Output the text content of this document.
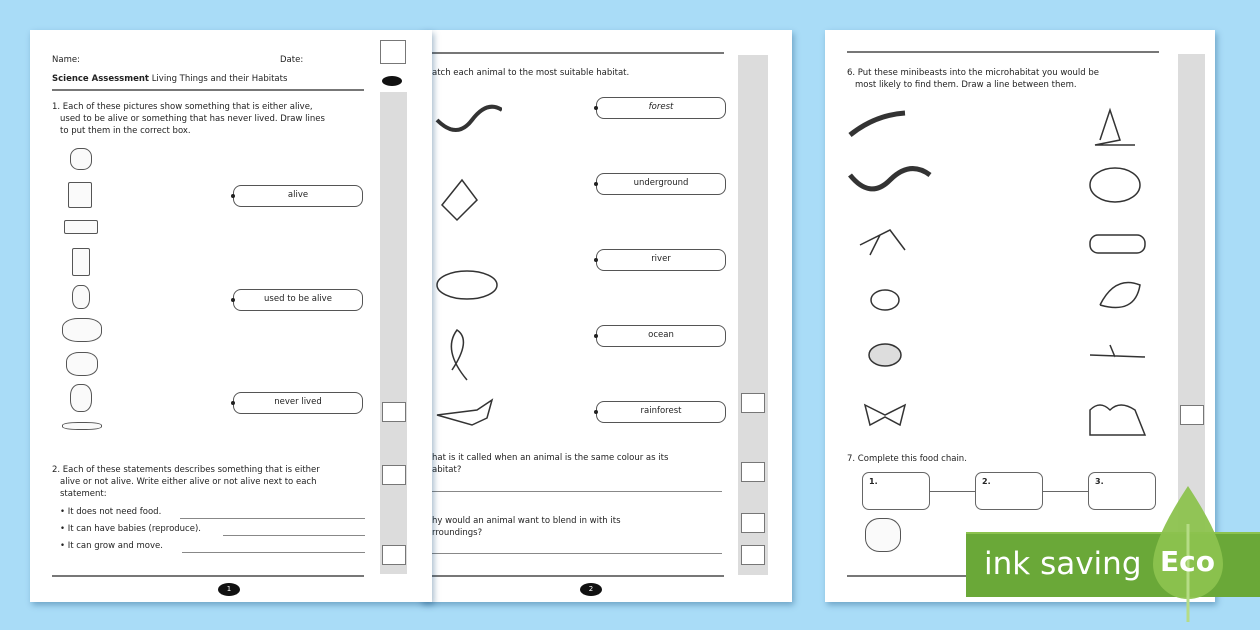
atch each animal to the most suitable habitat.
forest
underground
river
ocean
rainforest
hat is it called when an animal is the same colour as its
abitat?
hy would an animal want to blend in with its
rroundings?
2
Name:	Date:
Science Assessment Living Things and their Habitats
1. Each of these pictures show something that is either alive,
used to be alive or something that has never lived. Draw lines
to put them in the correct box.
alive
used to be alive
never lived
2. Each of these statements describes something that is either
alive or not alive. Write either alive or not alive next to each
statement:
• It does not need food.
• It can have babies (reproduce).
• It can grow and move.
1
6. Put these minibeasts into the microhabitat you would be
most likely to find them. Draw a line between them.
7. Complete this food chain.
1.	2.	3.
ink saving Eco
